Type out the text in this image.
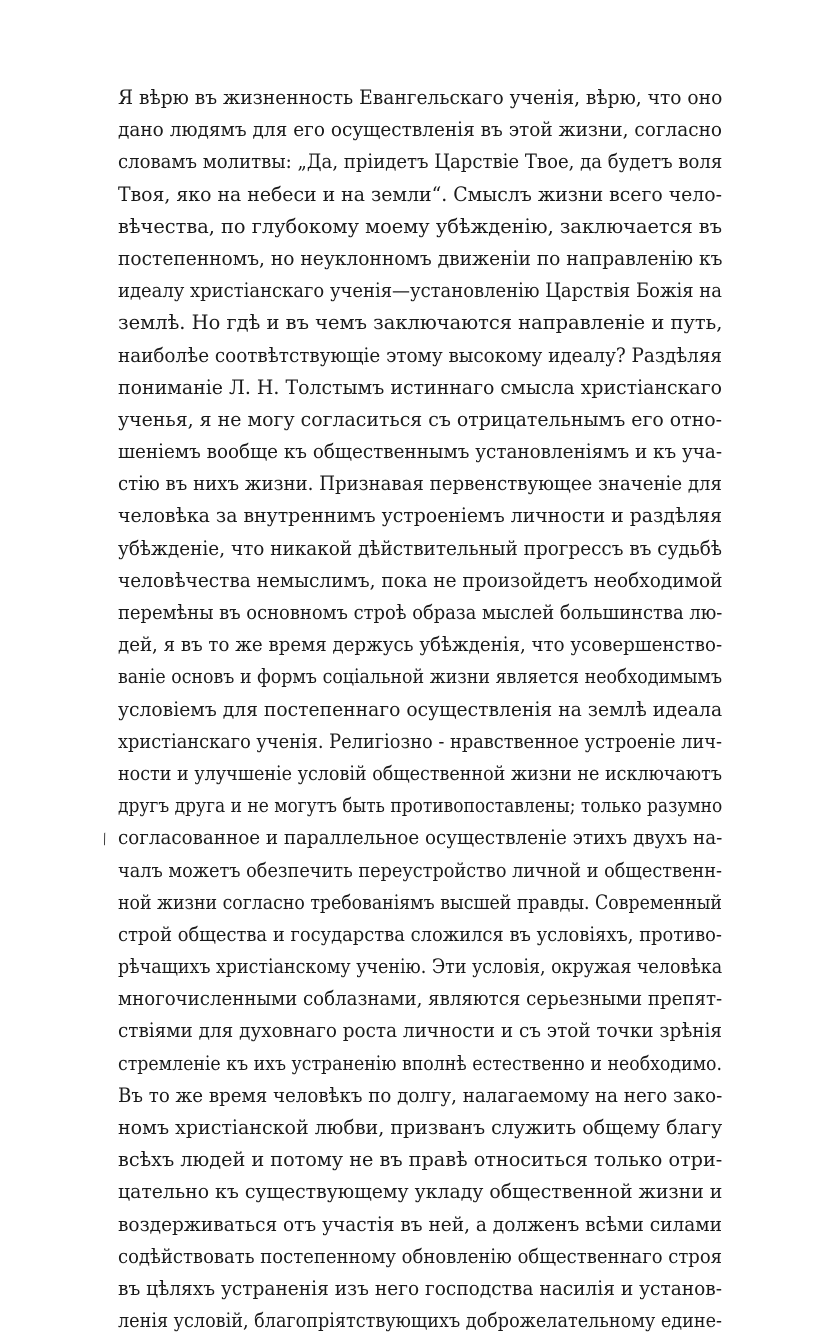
Я вѣрю въ жизненность Евангельскаго ученія, вѣрю, что оно
дано людямъ для его осуществленія въ этой жизни, согласно
словамъ молитвы: „Да, пріидетъ Царствіе Твое, да будетъ воля
Твоя, яко на небеси и на земли“. Смыслъ жизни всего чело-
вѣчества, по глубокому моему убѣжденію, заключается въ
постепенномъ, но неуклонномъ движеніи по направленію къ
идеалу христіанскаго ученія—установленію Царствія Божія на
землѣ. Но гдѣ и въ чемъ заключаются направленіе и путь,
наиболѣе соотвѣтствующіе этому высокому идеалу? Раздѣляя
пониманіе Л. Н. Толстымъ истиннаго смысла христіанскаго
ученья, я не могу согласиться съ отрицательнымъ его отно-
шеніемъ вообще къ общественнымъ установленіямъ и къ уча-
стію въ нихъ жизни. Признавая первенствующее значеніе для
человѣка за внутреннимъ устроеніемъ личности и раздѣляя
убѣжденіе, что никакой дѣйствительный прогрессъ въ судьбѣ
человѣчества немыслимъ, пока не произойдетъ необходимой
перемѣны въ основномъ строѣ образа мыслей большинства лю-
дей, я въ то же время держусь убѣжденія, что усовершенство-
ваніе основъ и формъ соціальной жизни является необходимымъ
условіемъ для постепеннаго осуществленія на землѣ идеала
христіанскаго ученія. Религіозно - нравственное устроеніе лич-
ности и улучшеніе условій общественной жизни не исключаютъ
другъ друга и не могутъ быть противопоставлены; только разумно
согласованное и параллельное осуществленіе этихъ двухъ на-
чалъ можетъ обезпечить переустройство личной и общественн-
ной жизни согласно требованіямъ высшей правды. Современный
строй общества и государства сложился въ условіяхъ, противо-
рѣчащихъ христіанскому ученію. Эти условія, окружая человѣка
многочисленными соблазнами, являются серьезными препят-
ствіями для духовнаго роста личности и съ этой точки зрѣнія
стремленіе къ ихъ устраненію вполнѣ естественно и необходимо.
Въ то же время человѣкъ по долгу, налагаемому на него зако-
номъ христіанской любви, призванъ служить общему благу
всѣхъ людей и потому не въ правѣ относиться только отри-
цательно къ существующему укладу общественной жизни и
воздерживаться отъ участія въ ней, а долженъ всѣми силами
содѣйствовать постепенному обновленію общественнаго строя
въ цѣляхъ устраненія изъ него господства насилія и установ-
ленія условій, благопріятствующихъ доброжелательному едине-
⁄
